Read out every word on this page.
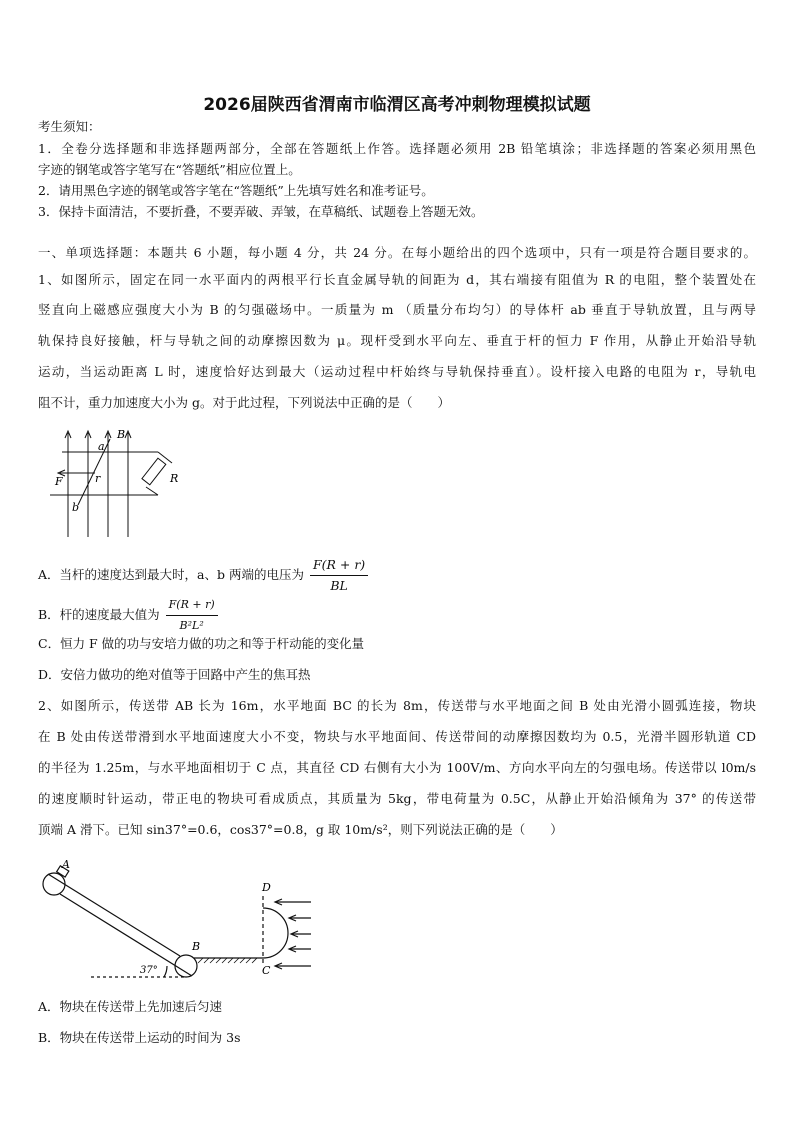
2026届陕西省渭南市临渭区高考冲刺物理模拟试题
考生须知：
1．全卷分选择题和非选择题两部分，全部在答题纸上作答。选择题必须用 2B 铅笔填涂；非选择题的答案必须用黑色
字迹的钢笔或答字笔写在“答题纸”相应位置上。
2．请用黑色字迹的钢笔或答字笔在“答题纸”上先填写姓名和准考证号。
3．保持卡面清洁，不要折叠，不要弄破、弄皱，在草稿纸、试题卷上答题无效。
一、单项选择题：本题共 6 小题，每小题 4 分，共 24 分。在每小题给出的四个选项中，只有一项是符合题目要求的。
1、如图所示，固定在同一水平面内的两根平行长直金属导轨的间距为 d，其右端接有阻值为 R 的电阻，整个装置处在
竖直向上磁感应强度大小为 B 的匀强磁场中。一质量为 m （质量分布均匀）的导体杆 ab 垂直于导轨放置，且与两导
轨保持良好接触，杆与导轨之间的动摩擦因数为 μ。现杆受到水平向左、垂直于杆的恒力 F 作用，从静止开始沿导轨
运动，当运动距离 L 时，速度恰好达到最大（运动过程中杆始终与导轨保持垂直）。设杆接入电路的电阻为 r，导轨电
阻不计，重力加速度大小为 g。对于此过程，下列说法中正确的是（　　）
a
B
F	r	R
b
A．当杆的速度达到最大时，a、b 两端的电压为 $\frac{F(R + r)}{BL}$
B．杆的速度最大值为 $\frac{F(R + r)}{\text{B²L²}}$
C．恒力 F 做的功与安培力做的功之和等于杆动能的变化量
D．安倍力做功的绝对值等于回路中产生的焦耳热
2、如图所示，传送带 AB 长为 16m，水平地面 BC 的长为 8m，传送带与水平地面之间 B 处由光滑小圆弧连接，物块
在 B 处由传送带滑到水平地面速度大小不变，物块与水平地面间、传送带间的动摩擦因数均为 0.5，光滑半圆形轨道 CD
的半径为 1.25m，与水平地面相切于 C 点，其直径 CD 右侧有大小为 100V/m、方向水平向左的匀强电场。传送带以 l0m/s
的速度顺时针运动，带正电的物块可看成质点，其质量为 5kg，带电荷量为 0.5C，从静止开始沿倾角为 37° 的传送带
顶端 A 滑下。已知 sin37°=0.6，cos37°=0.8，g 取 10m/s²，则下列说法正确的是（　　）
A
B
C
D
37°
A．物块在传送带上先加速后匀速
B．物块在传送带上运动的时间为 3s
